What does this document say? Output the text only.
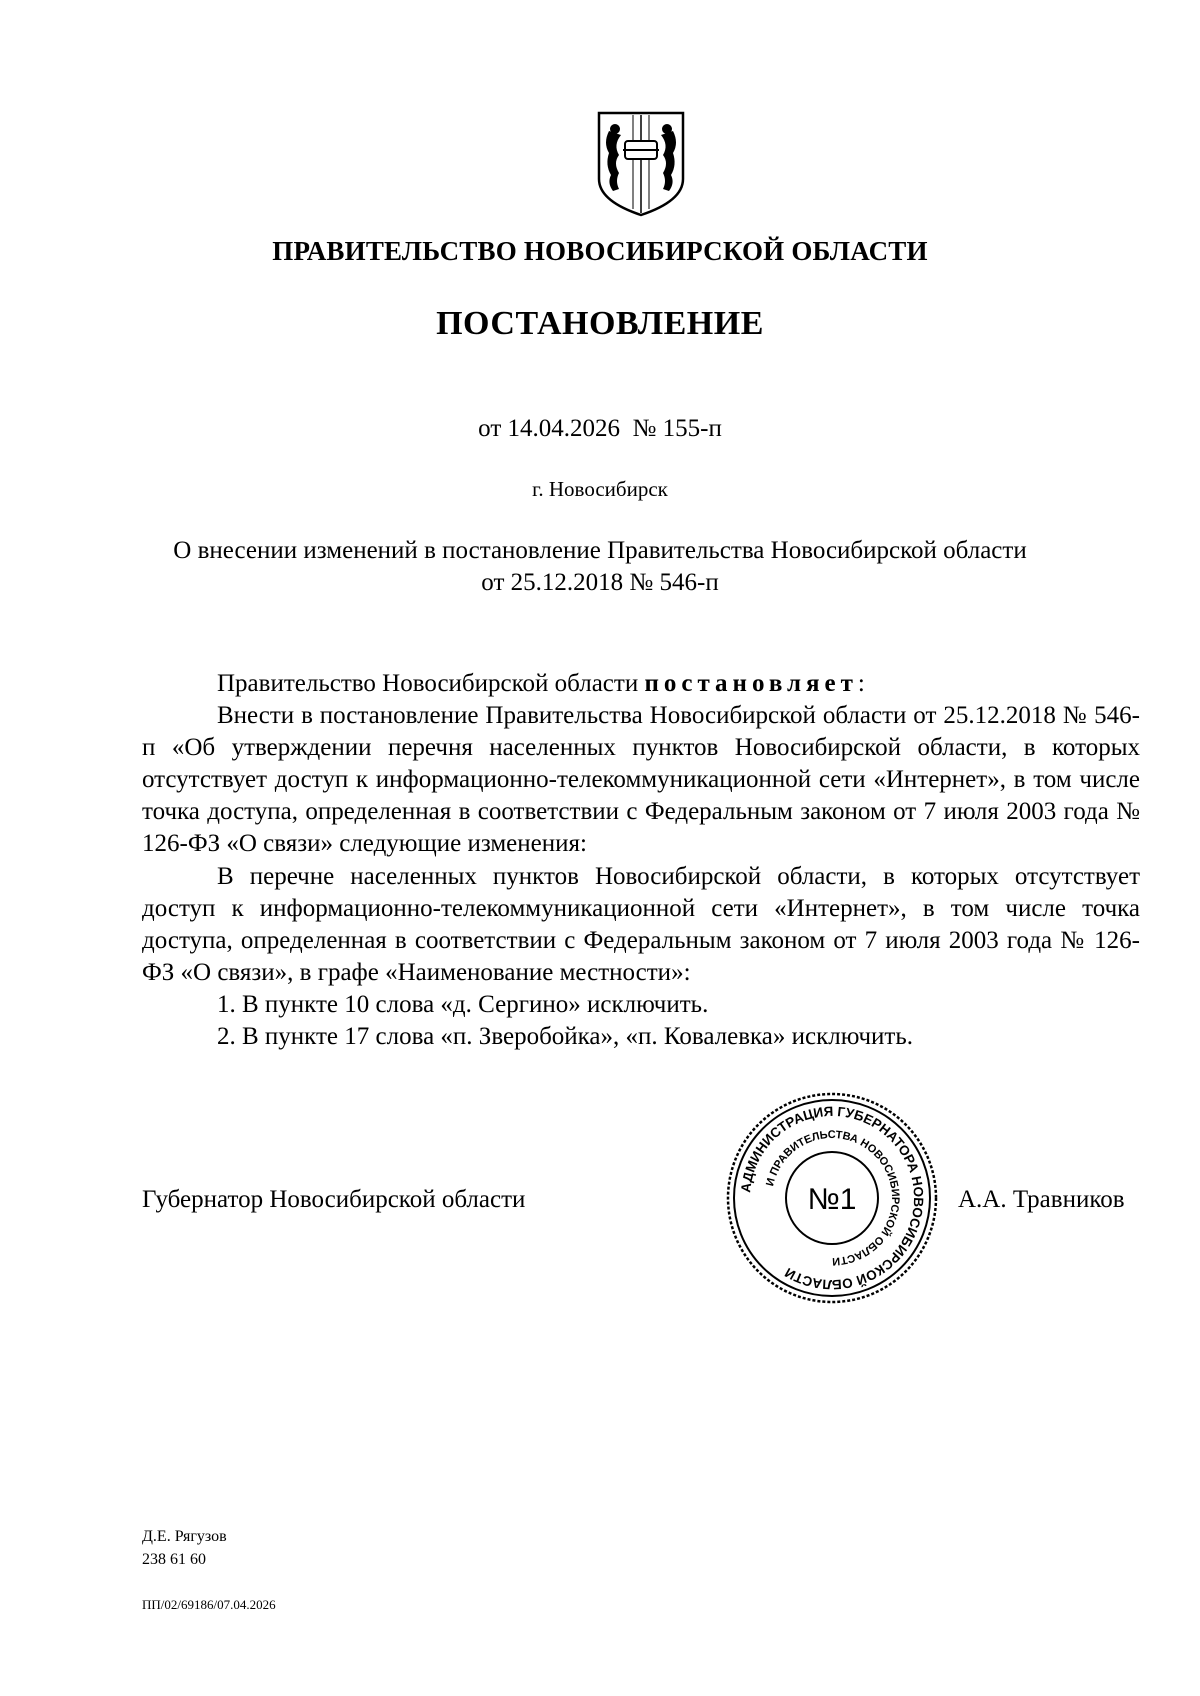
ПРАВИТЕЛЬСТВО НОВОСИБИРСКОЙ ОБЛАСТИ
ПОСТАНОВЛЕНИЕ
от 14.04.2026  № 155-п
г. Новосибирск
О внесении изменений в постановление Правительства Новосибирской области
от 25.12.2018 № 546-п

Правительство Новосибирской области постановляет:

Внести в постановление Правительства Новосибирской области от 25.12.2018 № 546-п «Об утверждении перечня населенных пунктов Новосибирской области, в которых отсутствует доступ к информационно-телекоммуникационной сети «Интернет», в том числе точка доступа, определенная в соответствии с Федеральным законом от 7 июля 2003 года № 126-ФЗ «О связи» следующие изменения:

В перечне населенных пунктов Новосибирской области, в которых отсутствует доступ к информационно-телекоммуникационной сети «Интернет», в том числе точка доступа, определенная в соответствии с Федеральным законом от 7 июля 2003 года № 126-ФЗ «О связи», в графе «Наименование местности»:

1. В пункте 10 слова «д. Сергино» исключить.

2. В пункте 17 слова «п. Зверобойка», «п. Ковалевка» исключить.

Губернатор Новосибирской области	АДМИНИСТРАЦИЯ ГУБЕРНАТОРА НОВОСИБИРСКОЙ ОБЛАСТИ
И ПРАВИТЕЛЬСТВА НОВОСИБИРСКОЙ ОБЛАСТИ
№1	А.А. Травников
Д.Е. Рягузов
238 61 60
ПП/02/69186/07.04.2026
